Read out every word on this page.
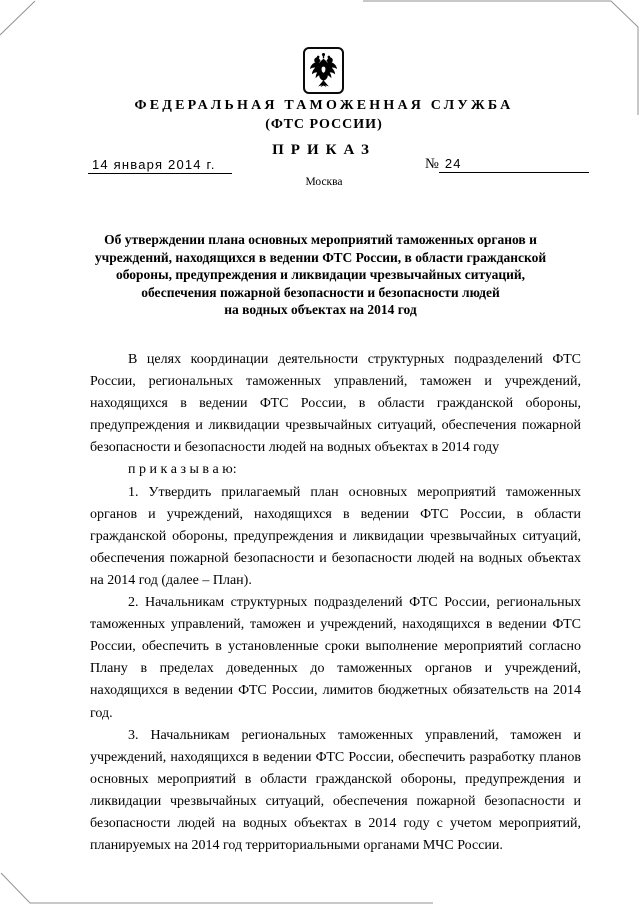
ФЕДЕРАЛЬНАЯ ТАМОЖЕННАЯ СЛУЖБА
(ФТС РОССИИ)
ПРИКАЗ
14 января 2014 г.	№ 24
Москва
Об утверждении плана основных мероприятий таможенных органов и
учреждений, находящихся в ведении ФТС России, в области гражданской
обороны, предупреждения и ликвидации чрезвычайных ситуаций,
обеспечения пожарной безопасности и безопасности людей
на водных объектах на 2014 год

В целях координации деятельности структурных подразделений ФТС России, региональных таможенных управлений, таможен и учреждений, находящихся в ведении ФТС России, в области гражданской обороны, предупреждения и ликвидации чрезвычайных ситуаций, обеспечения пожарной безопасности и безопасности людей на водных объектах в 2014 году

п р и к а з ы в а ю:

1. Утвердить прилагаемый план основных мероприятий таможенных органов и учреждений, находящихся в ведении ФТС России, в области гражданской обороны, предупреждения и ликвидации чрезвычайных ситуаций, обеспечения пожарной безопасности и безопасности людей на водных объектах на 2014 год (далее – План).

2. Начальникам структурных подразделений ФТС России, региональных таможенных управлений, таможен и учреждений, находящихся в ведении ФТС России, обеспечить в установленные сроки выполнение мероприятий согласно Плану в пределах доведенных до таможенных органов и учреждений, находящихся в ведении ФТС России, лимитов бюджетных обязательств на 2014 год.

3. Начальникам региональных таможенных управлений, таможен и учреждений, находящихся в ведении ФТС России, обеспечить разработку планов основных мероприятий в области гражданской обороны, предупреждения и ликвидации чрезвычайных ситуаций, обеспечения пожарной безопасности и безопасности людей на водных объектах в 2014 году с учетом мероприятий, планируемых на 2014 год территориальными органами МЧС России.
